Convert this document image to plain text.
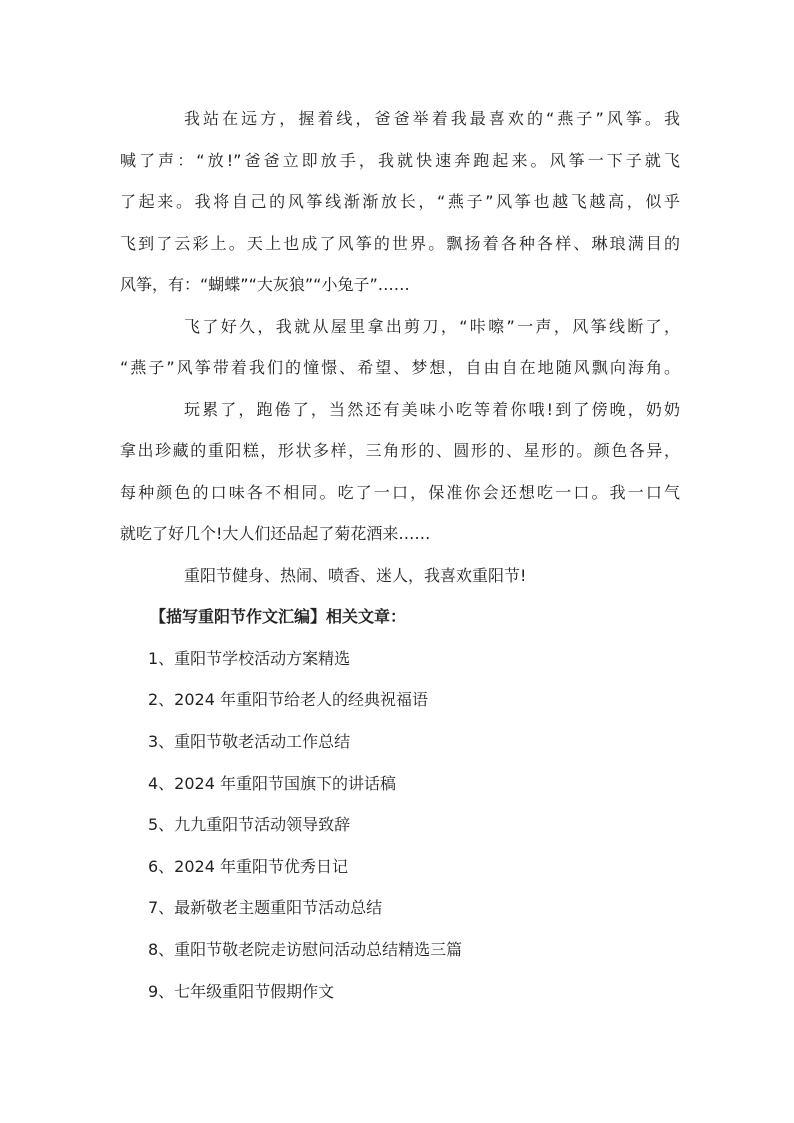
我站在远方，握着线，爸爸举着我最喜欢的“燕子”风筝。我
喊了声：“放!”爸爸立即放手，我就快速奔跑起来。风筝一下子就飞
了起来。我将自己的风筝线渐渐放长，“燕子”风筝也越飞越高，似乎
飞到了云彩上。天上也成了风筝的世界。飘扬着各种各样、琳琅满目的
风筝，有：“蝴蝶”“大灰狼”“小兔子”……
飞了好久，我就从屋里拿出剪刀，“咔嚓”一声，风筝线断了，
“燕子”风筝带着我们的憧憬、希望、梦想，自由自在地随风飘向海角。
玩累了，跑倦了，当然还有美味小吃等着你哦!到了傍晚，奶奶
拿出珍藏的重阳糕，形状多样，三角形的、圆形的、星形的。颜色各异，
每种颜色的口味各不相同。吃了一口，保准你会还想吃一口。我一口气
就吃了好几个!大人们还品起了菊花酒来……
重阳节健身、热闹、喷香、迷人，我喜欢重阳节!
【描写重阳节作文汇编】相关文章：
1、重阳节学校活动方案精选
2、2024 年重阳节给老人的经典祝福语
3、重阳节敬老活动工作总结
4、2024 年重阳节国旗下的讲话稿
5、九九重阳节活动领导致辞
6、2024 年重阳节优秀日记
7、最新敬老主题重阳节活动总结
8、重阳节敬老院走访慰问活动总结精选三篇
9、七年级重阳节假期作文
